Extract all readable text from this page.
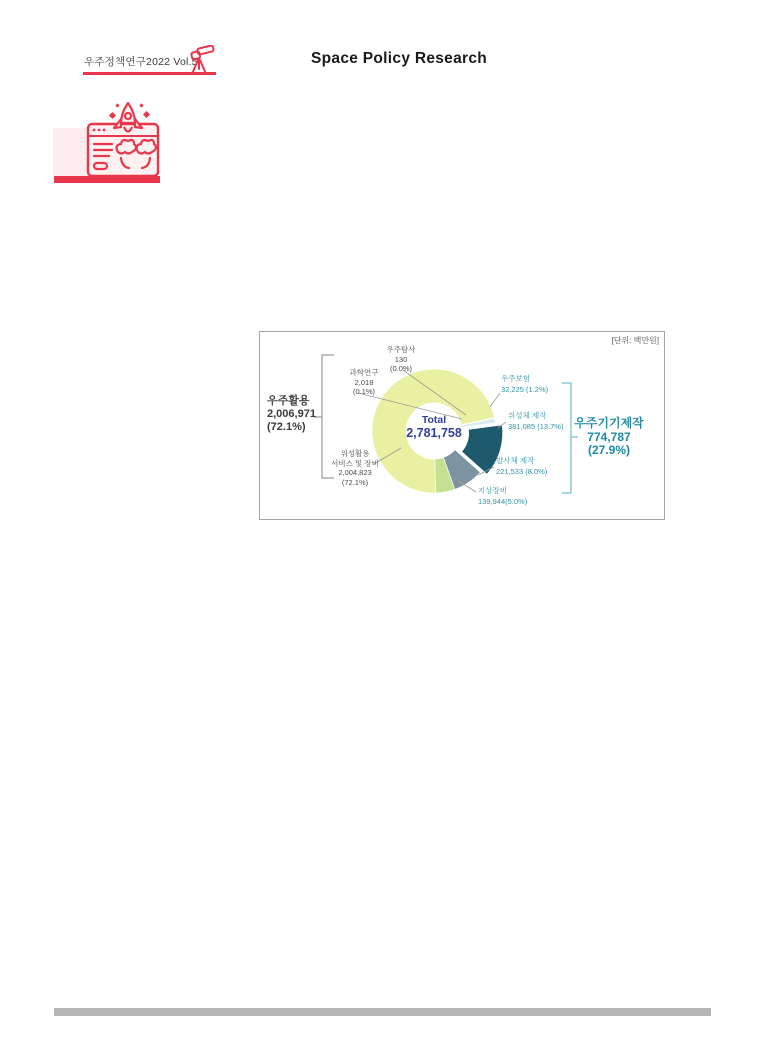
우주정책연구2022 Vol.5	Space Policy Research
[단위: 백만원]
Total
2,781,758
우주탐사
130
(0.0%)
과학연구
2,018
(0.1%)
위성활용
서비스 및 장비
2,004,823
(72.1%)
우주활용
2,006,971
(72.1%)
우주보험
32,225 (1.2%)
위성체 제작
381,085 (13.7%)
발사체 제작
221,533 (8.0%)
지상장비
139,944(5.0%)
우주기기제작
774,787
(27.9%)
